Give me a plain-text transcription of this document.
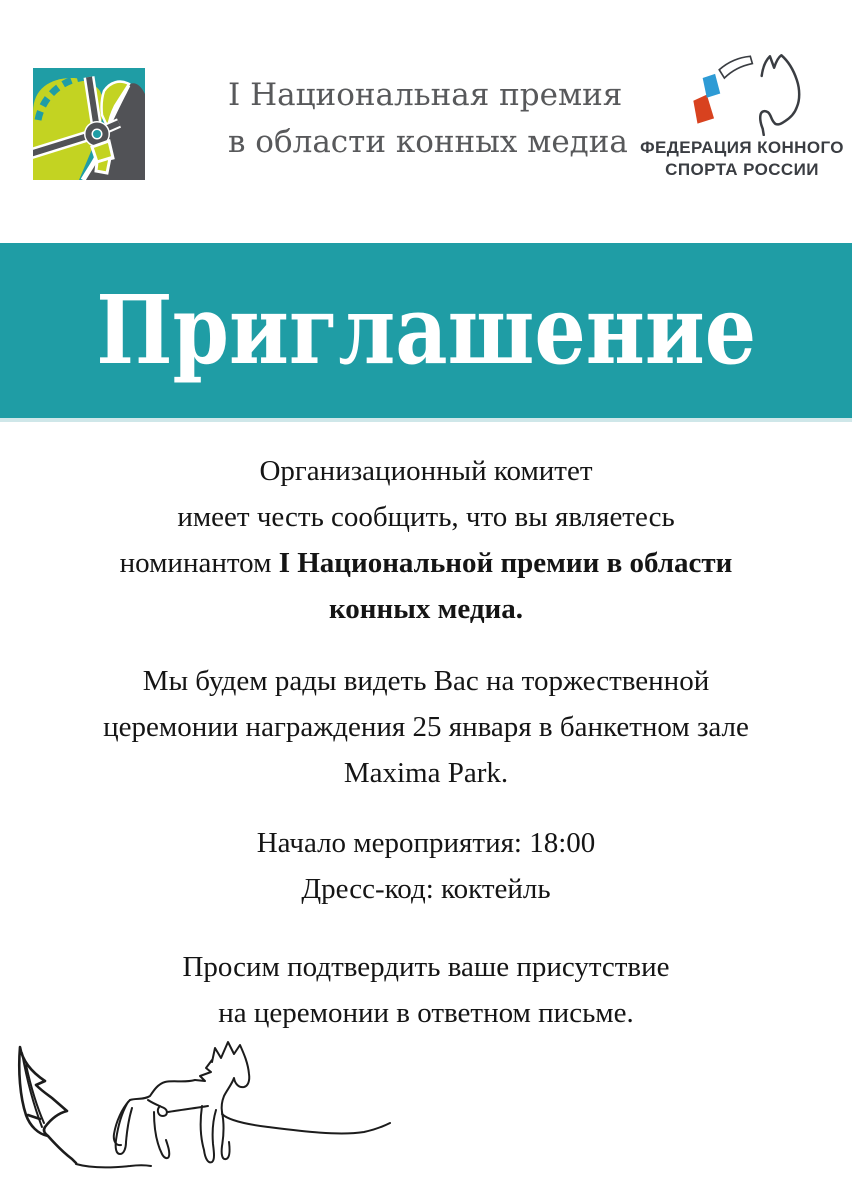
I Национальная премия
в области конных медиа ФЕДЕРАЦИЯ КОННОГО
СПОРТА РОССИИ
Приглашение

Организационный комитет
имеет честь сообщить, что вы являетесь
номинантом I Национальной премии в области
конных медиа.

Мы будем рады видеть Вас на торжественной
церемонии награждения 25 января в банкетном зале
Maxima Park.

Начало мероприятия: 18:00
Дресс-код: коктейль

Просим подтвердить ваше присутствие
на церемонии в ответном письме.
